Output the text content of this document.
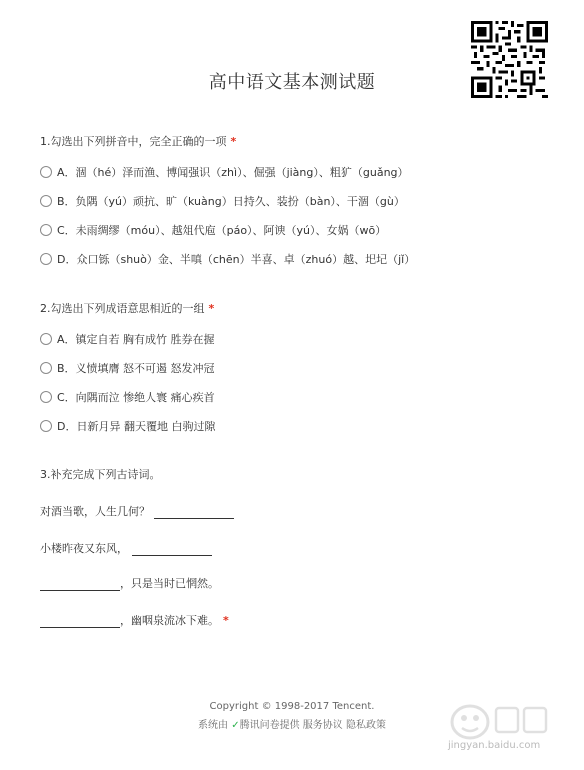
高中语文基本测试题
1.勾选出下列拼音中，完全正确的一项 *
A．涸（hé）泽而渔、博闻强识（zhì）、倔强（jiàng）、粗犷（guǎng）
B．负隅（yú）顽抗、旷（kuàng）日持久、装扮（bàn）、干涸（gù）
C．未雨绸缪（móu）、越俎代庖（páo）、阿谀（yú）、女娲（wō）
D．众口铄（shuò）金、半嗔（chēn）半喜、卓（zhuó）越、圯圮（jǐ）
2.勾选出下列成语意思相近的一组 *
A．镇定自若 胸有成竹 胜券在握
B．义愤填膺 怒不可遏 怒发冲冠
C．向隅而泣 惨绝人寰 痛心疾首
D．日新月异 翻天覆地 白驹过隙
3.补充完成下列古诗词。
对酒当歌，人生几何？
小楼昨夜又东风，
，只是当时已惘然。
，幽咽泉流冰下难。 *
Copyright © 1998-2017 Tencent.
系统由 ✓腾讯问卷提供 服务协议 隐私政策
jingyan.baidu.com
